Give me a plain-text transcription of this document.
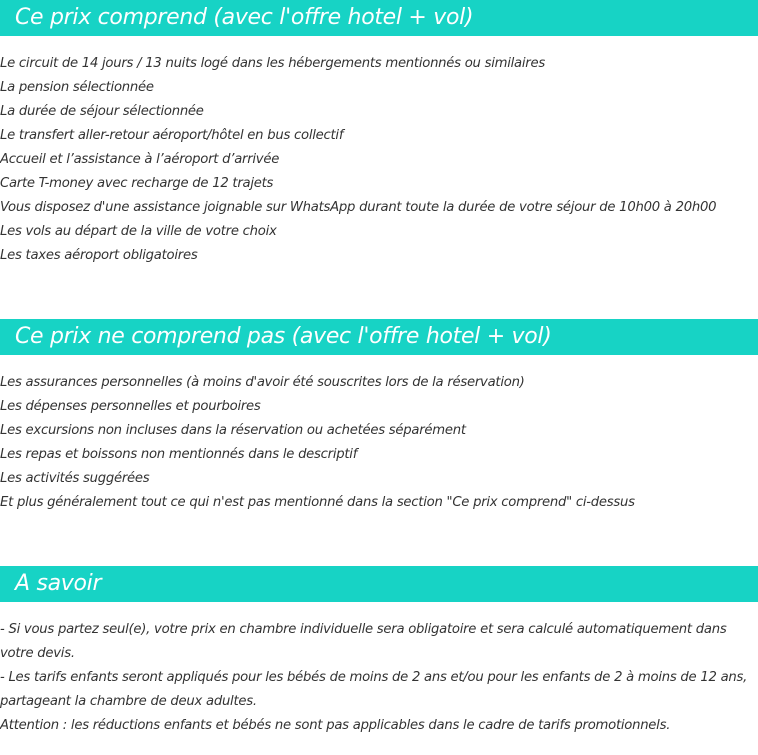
Ce prix comprend (avec l'offre hotel + vol)
Le circuit de 14 jours / 13 nuits logé dans les hébergements mentionnés ou similaires
La pension sélectionnée
La durée de séjour sélectionnée
Le transfert aller-retour aéroport/hôtel en bus collectif
Accueil et l’assistance à l’aéroport d’arrivée
Carte T-money avec recharge de 12 trajets
Vous disposez d'une assistance joignable sur WhatsApp durant toute la durée de votre séjour de 10h00 à 20h00
Les vols au départ de la ville de votre choix
Les taxes aéroport obligatoires
Ce prix ne comprend pas (avec l'offre hotel + vol)
Les assurances personnelles (à moins d'avoir été souscrites lors de la réservation)
Les dépenses personnelles et pourboires
Les excursions non incluses dans la réservation ou achetées séparément
Les repas et boissons non mentionnés dans le descriptif
Les activités suggérées
Et plus généralement tout ce qui n'est pas mentionné dans la section "Ce prix comprend" ci-dessus
A savoir
- Si vous partez seul(e), votre prix en chambre individuelle sera obligatoire et sera calculé automatiquement dans votre devis.
- Les tarifs enfants seront appliqués pour les bébés de moins de 2 ans et/ou pour les enfants de 2 à moins de 12 ans, partageant la chambre de deux adultes.
Attention : les réductions enfants et bébés ne sont pas applicables dans le cadre de tarifs promotionnels.
